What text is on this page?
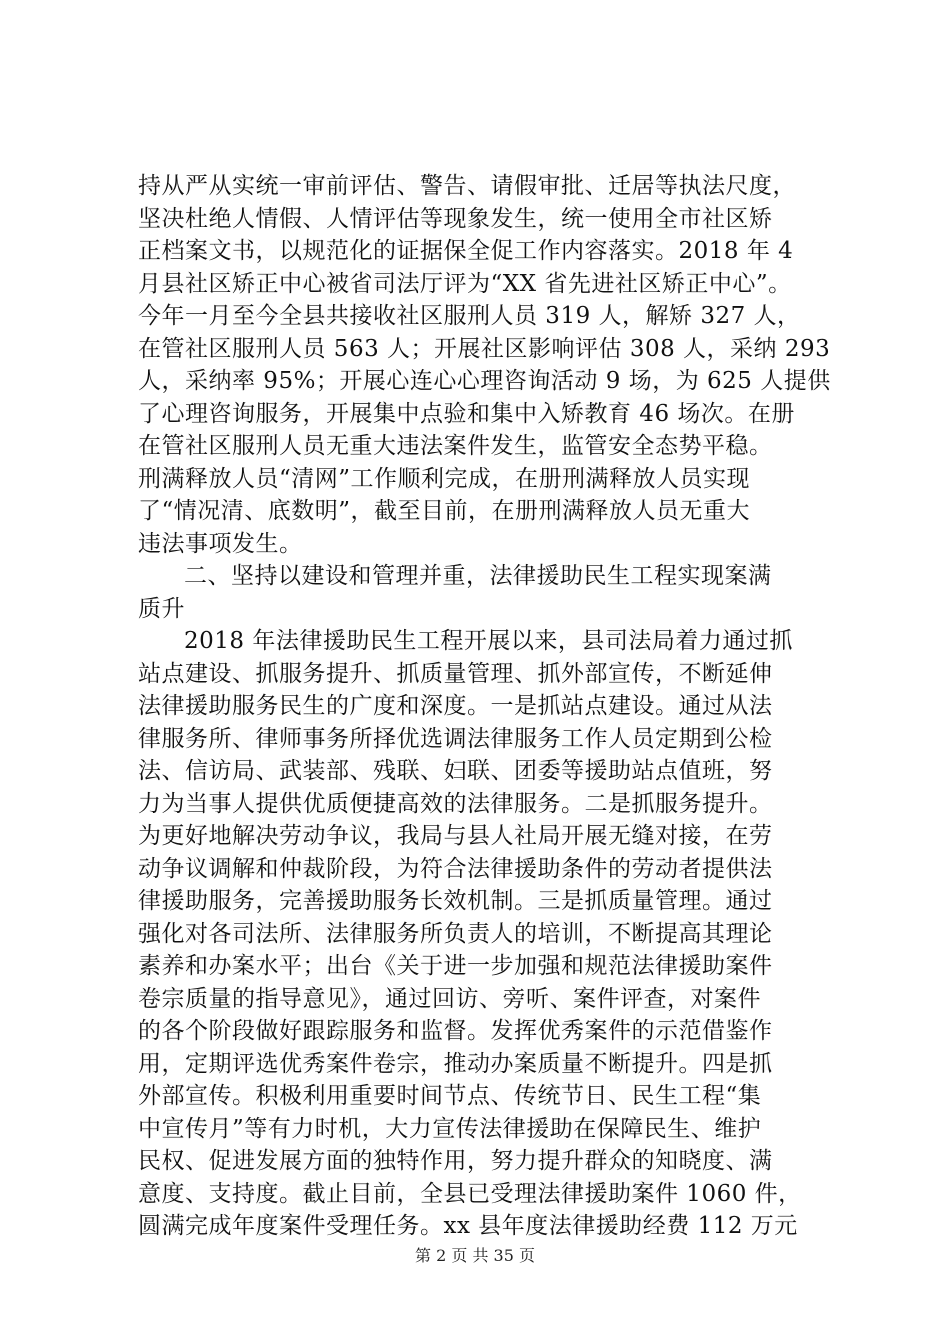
持从严从实统一审前评估、警告、请假审批、迁居等执法尺度，
坚决杜绝人情假、人情评估等现象发生，统一使用全市社区矫
正档案文书，以规范化的证据保全促工作内容落实。2018 年 4
月县社区矫正中心被省司法厅评为“XX 省先进社区矫正中心”。
今年一月至今全县共接收社区服刑人员 319 人，解矫 327 人，
在管社区服刑人员 563 人；开展社区影响评估 308 人，采纳 293
人，采纳率 95%；开展心连心心理咨询活动 9 场，为 625 人提供
了心理咨询服务，开展集中点验和集中入矫教育 46 场次。在册
在管社区服刑人员无重大违法案件发生，监管安全态势平稳。
刑满释放人员“清网”工作顺利完成，在册刑满释放人员实现
了“情况清、底数明”，截至目前，在册刑满释放人员无重大
违法事项发生。
二、坚持以建设和管理并重，法律援助民生工程实现案满
质升
2018 年法律援助民生工程开展以来，县司法局着力通过抓
站点建设、抓服务提升、抓质量管理、抓外部宣传，不断延伸
法律援助服务民生的广度和深度。一是抓站点建设。通过从法
律服务所、律师事务所择优选调法律服务工作人员定期到公检
法、信访局、武装部、残联、妇联、团委等援助站点值班，努
力为当事人提供优质便捷高效的法律服务。二是抓服务提升。
为更好地解决劳动争议，我局与县人社局开展无缝对接，在劳
动争议调解和仲裁阶段，为符合法律援助条件的劳动者提供法
律援助服务，完善援助服务长效机制。三是抓质量管理。通过
强化对各司法所、法律服务所负责人的培训，不断提高其理论
素养和办案水平；出台《关于进一步加强和规范法律援助案件
卷宗质量的指导意见》，通过回访、旁听、案件评查，对案件
的各个阶段做好跟踪服务和监督。发挥优秀案件的示范借鉴作
用，定期评选优秀案件卷宗，推动办案质量不断提升。四是抓
外部宣传。积极利用重要时间节点、传统节日、民生工程“集
中宣传月”等有力时机，大力宣传法律援助在保障民生、维护
民权、促进发展方面的独特作用，努力提升群众的知晓度、满
意度、支持度。截止目前，全县已受理法律援助案件 1060 件，
圆满完成年度案件受理任务。xx 县年度法律援助经费 112 万元
第 2 页 共 35 页
